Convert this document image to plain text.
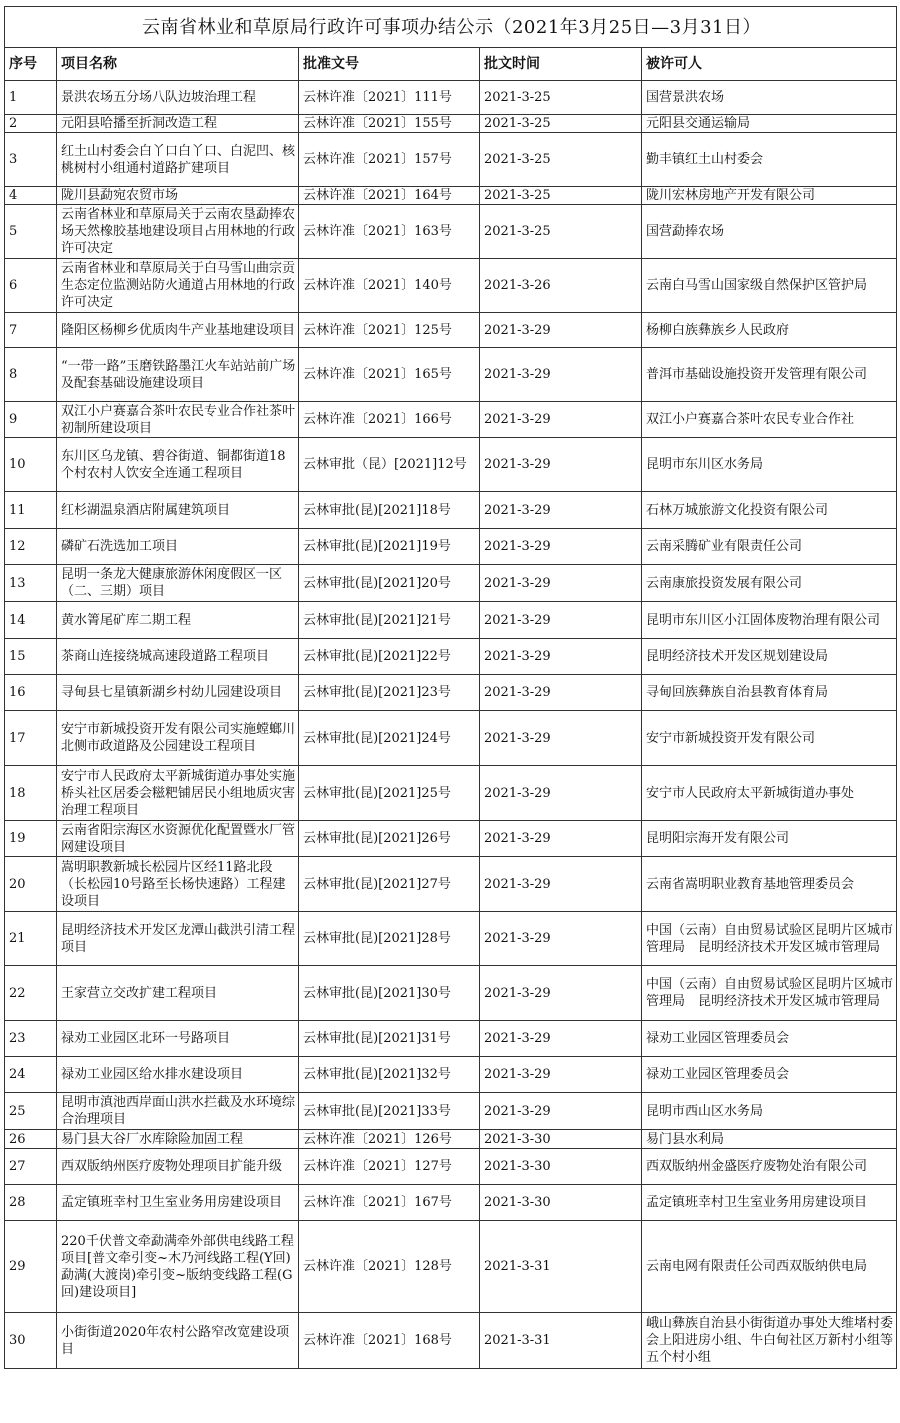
云南省林业和草原局行政许可事项办结公示（2021年3月25日—3月31日）				
序号	项目名称	批准文号	批文时间	被许可人
1	景洪农场五分场八队边坡治理工程	云林许准〔2021〕111号	2021-3-25	国营景洪农场
2	元阳县哈播至折洞改造工程	云林许准〔2021〕155号	2021-3-25	元阳县交通运输局
3	红土山村委会白丫口白丫口、白泥凹、核桃树村小组通村道路扩建项目	云林许准〔2021〕157号	2021-3-25	勤丰镇红土山村委会
4	陇川县勐宛农贸市场	云林许准〔2021〕164号	2021-3-25	陇川宏林房地产开发有限公司
5	云南省林业和草原局关于云南农垦勐捧农场天然橡胶基地建设项目占用林地的行政许可决定	云林许准〔2021〕163号	2021-3-25	国营勐捧农场
6	云南省林业和草原局关于白马雪山曲宗贡生态定位监测站防火通道占用林地的行政许可决定	云林许准〔2021〕140号	2021-3-26	云南白马雪山国家级自然保护区管护局
7	隆阳区杨柳乡优质肉牛产业基地建设项目	云林许准〔2021〕125号	2021-3-29	杨柳白族彝族乡人民政府
8	“一带一路”玉磨铁路墨江火车站站前广场及配套基础设施建设项目	云林许准〔2021〕165号	2021-3-29	普洱市基础设施投资开发管理有限公司
9	双江小户赛嘉合茶叶农民专业合作社茶叶初制所建设项目	云林许准〔2021〕166号	2021-3-29	双江小户赛嘉合茶叶农民专业合作社
10	东川区乌龙镇、碧谷街道、铜都街道18个村农村人饮安全连通工程项目	云林审批（昆）[2021]12号	2021-3-29	昆明市东川区水务局
11	红杉湖温泉酒店附属建筑项目	云林审批(昆)[2021]18号	2021-3-29	石林万城旅游文化投资有限公司
12	磷矿石洗选加工项目	云林审批(昆)[2021]19号	2021-3-29	云南采腾矿业有限责任公司
13	昆明一条龙大健康旅游休闲度假区一区（二、三期）项目	云林审批(昆)[2021]20号	2021-3-29	云南康旅投资发展有限公司
14	黄水箐尾矿库二期工程	云林审批(昆)[2021]21号	2021-3-29	昆明市东川区小江固体废物治理有限公司
15	茶商山连接绕城高速段道路工程项目	云林审批(昆)[2021]22号	2021-3-29	昆明经济技术开发区规划建设局
16	寻甸县七星镇新湖乡村幼儿园建设项目	云林审批(昆)[2021]23号	2021-3-29	寻甸回族彝族自治县教育体育局
17	安宁市新城投资开发有限公司实施螳螂川北侧市政道路及公园建设工程项目	云林审批(昆)[2021]24号	2021-3-29	安宁市新城投资开发有限公司
18	安宁市人民政府太平新城街道办事处实施桥头社区居委会糍粑铺居民小组地质灾害治理工程项目	云林审批(昆)[2021]25号	2021-3-29	安宁市人民政府太平新城街道办事处
19	云南省阳宗海区水资源优化配置暨水厂管网建设项目	云林审批(昆)[2021]26号	2021-3-29	昆明阳宗海开发有限公司
20	嵩明职教新城长松园片区经11路北段（长松园10号路至长杨快速路）工程建设项目	云林审批(昆)[2021]27号	2021-3-29	云南省嵩明职业教育基地管理委员会
21	昆明经济技术开发区龙潭山截洪引清工程项目	云林审批(昆)[2021]28号	2021-3-29	中国（云南）自由贸易试验区昆明片区城市管理局　昆明经济技术开发区城市管理局
22	王家营立交改扩建工程项目	云林审批(昆)[2021]30号	2021-3-29	中国（云南）自由贸易试验区昆明片区城市管理局　昆明经济技术开发区城市管理局
23	禄劝工业园区北环一号路项目	云林审批(昆)[2021]31号	2021-3-29	禄劝工业园区管理委员会
24	禄劝工业园区给水排水建设项目	云林审批(昆)[2021]32号	2021-3-29	禄劝工业园区管理委员会
25	昆明市滇池西岸面山洪水拦截及水环境综合治理项目	云林审批(昆)[2021]33号	2021-3-29	昆明市西山区水务局
26	易门县大谷厂水库除险加固工程	云林许准〔2021〕126号	2021-3-30	易门县水利局
27	西双版纳州医疗废物处理项目扩能升级	云林许准〔2021〕127号	2021-3-30	西双版纳州金盛医疗废物处治有限公司
28	孟定镇班幸村卫生室业务用房建设项目	云林许准〔2021〕167号	2021-3-30	孟定镇班幸村卫生室业务用房建设项目
29	220千伏普文牵勐满牵外部供电线路工程项目[普文牵引变~木乃河线路工程(Y回)勐满(大渡岗)牵引变~版纳变线路工程(G回)建设项目]	云林许准〔2021〕128号	2021-3-31	云南电网有限责任公司西双版纳供电局
30	小街街道2020年农村公路窄改宽建设项目	云林许准〔2021〕168号	2021-3-31	峨山彝族自治县小街街道办事处大维堵村委会上阳进房小组、牛白甸社区万新村小组等五个村小组
